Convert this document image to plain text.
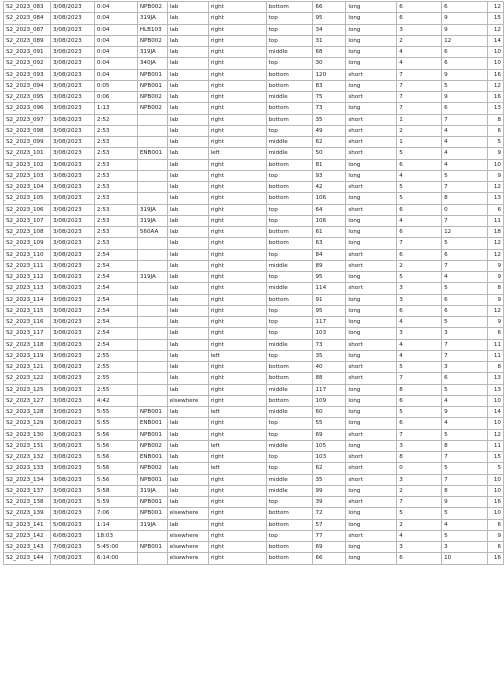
S2_2023_083	3/08/2023	0:04	NPB002	lab	right	bottom	66	long	6	6	12
S2_2023_084	3/08/2023	0:04	319JA	lab	right	top	95	long	6	9	15
S2_2023_087	3/08/2023	0:04	HLB103	lab	right	top	34	long	3	9	12
S2_2023_089	3/08/2023	0:04	NPB002	lab	right	top	31	long	2	12	14
S2_2023_091	3/08/2023	0:04	319JA	lab	right	middle	68	long	4	6	10
S2_2023_092	3/08/2023	0:04	340JA	lab	right	top	30	long	4	6	10
S2_2023_093	3/08/2023	0:04	NPB001	lab	right	bottom	120	short	7	9	16
S2_2023_094	3/08/2023	0:05	NPB001	lab	right	bottom	83	long	7	5	12
S2_2023_095	3/08/2023	0:06	NPB002	lab	right	middle	75	short	7	9	16
S2_2023_096	3/08/2023	1:13	NPB002	lab	right	bottom	73	long	7	6	13
S2_2023_097	3/08/2023	2:52		lab	right	bottom	35	short	1	7	8
S2_2023_098	3/08/2023	2:53		lab	right	top	49	short	2	4	6
S2_2023_099	3/08/2023	2:53		lab	right	middle	62	short	1	4	5
S2_2023_101	3/08/2023	2:53	ENB001	lab	left	middle	50	short	5	4	9
S2_2023_102	3/08/2023	2:53		lab	right	bottom	81	long	6	4	10
S2_2023_103	3/08/2023	2:53		lab	right	top	93	long	4	5	9
S2_2023_104	3/08/2023	2:53		lab	right	bottom	42	short	5	7	12
S2_2023_105	3/08/2023	2:53		lab	right	bottom	106	long	5	8	13
S2_2023_106	3/08/2023	2:53	319JA	lab	right	top	64	short	6	0	6
S2_2023_107	3/08/2023	2:53	319JA	lab	right	top	106	long	4	7	11
S2_2023_108	3/08/2023	2:53	560AA	lab	right	bottom	61	long	6	12	18
S2_2023_109	3/08/2023	2:53		lab	right	bottom	63	long	7	5	12
S2_2023_110	3/08/2023	2:54		lab	right	top	84	short	6	6	12
S2_2023_111	3/08/2023	2:54		lab	right	middle	89	short	2	7	9
S2_2023_112	3/08/2023	2:54	319JA	lab	right	top	95	long	5	4	9
S2_2023_113	3/08/2023	2:54		lab	right	middle	114	short	3	5	8
S2_2023_114	3/08/2023	2:54		lab	right	bottom	91	long	3	6	9
S2_2023_115	3/08/2023	2:54		lab	right	top	95	long	6	6	12
S2_2023_116	3/08/2023	2:54		lab	right	top	117	long	4	5	9
S2_2023_117	3/08/2023	2:54		lab	right	top	103	long	3	3	6
S2_2023_118	3/08/2023	2:54		lab	right	middle	73	short	4	7	11
S2_2023_119	3/08/2023	2:55		lab	left	top	35	long	4	7	11
S2_2023_121	3/08/2023	2:55		lab	right	bottom	40	short	5	3	8
S2_2023_122	3/08/2023	2:55		lab	right	bottom	88	short	7	6	13
S2_2023_125	3/08/2023	2:55		lab	right	middle	117	long	8	5	13
S2_2023_127	3/08/2023	4:42		elsewhere	right	bottom	109	long	6	4	10
S2_2023_128	3/08/2023	5:55	NPB001	lab	left	middle	60	long	5	9	14
S2_2023_129	3/08/2023	5:55	ENB001	lab	right	top	55	long	6	4	10
S2_2023_130	3/08/2023	5:56	NPB001	lab	right	top	69	short	7	5	12
S2_2023_131	3/08/2023	5:56	NPB002	lab	left	middle	105	long	3	8	11
S2_2023_132	3/08/2023	5:56	ENB001	lab	right	top	103	short	8	7	15
S2_2023_133	3/08/2023	5:56	NPB002	lab	left	top	62	short	0	5	5
S2_2023_134	3/08/2023	5:56	NPB001	lab	right	middle	35	short	3	7	10
S2_2023_137	3/08/2023	5:58	319JA	lab	right	middle	99	long	2	8	10
S2_2023_138	3/08/2023	5:59	NPB001	lab	right	top	39	short	7	9	16
S2_2023_139	3/08/2023	7:06	NPB001	elsewhere	right	bottom	72	long	5	5	10
S2_2023_141	5/08/2023	1:14	319JA	lab	right	bottom	57	long	2	4	6
S2_2023_142	6/08/2023	18:03		elsewhere	right	top	77	short	4	5	9
S2_2023_143	7/08/2023	5:45:00	NPB001	elsewhere	right	bottom	69	long	3	3	6
S2_2023_144	7/08/2023	6:14:00		elsewhere	right	bottom	66	long	6	10	16
